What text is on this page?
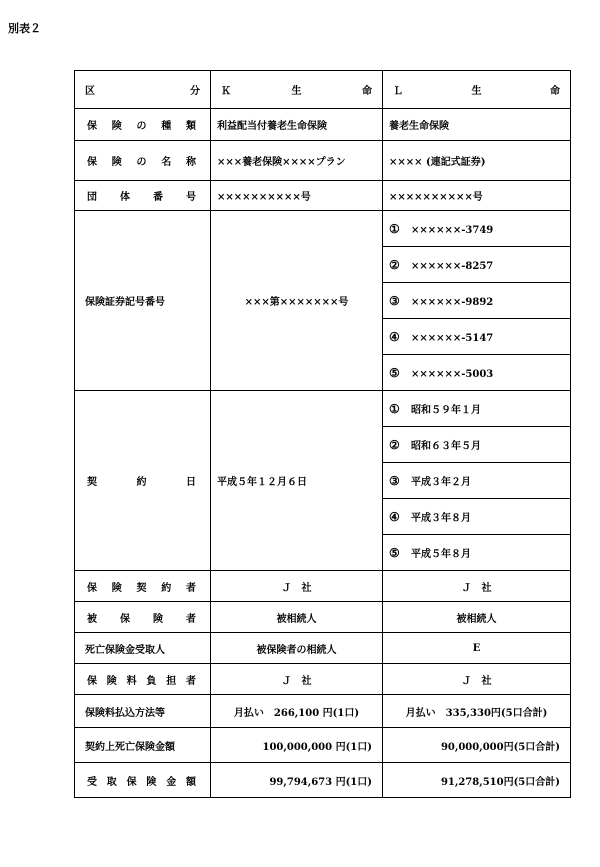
別表２
区　　分	Ｋ　生　命	Ｌ　生　命
保険の種類	利益配当付養老生命保険	養老生命保険
保険の名称	×××養老保険××××プラン	×××× (連記式証券)
団体番号	××××××××××号	××××××××××号
保険証券記号番号	×××第×××××××号	① ××××××-3749
		② ××××××-8257
		③ ××××××-9892
		④ ××××××-5147
		⑤ ××××××-5003
契約日	平成５年１２月６日	① 昭和５９年１月
		② 昭和６３年５月
		③ 平成３年２月
		④ 平成３年８月
		⑤ 平成５年８月
保険契約者	Ｊ　社	Ｊ　社
被保険者	被相続人	被相続人
死亡保険金受取人	被保険者の相続人	E
保険料負担者	Ｊ　社	Ｊ　社
保険料払込方法等	月払い　266,100 円(1口)	月払い　335,330円(5口合計)
契約上死亡保険金額	100,000,000 円(1口)	90,000,000円(5口合計)
受取保険金額	99,794,673 円(1口)	91,278,510円(5口合計)
